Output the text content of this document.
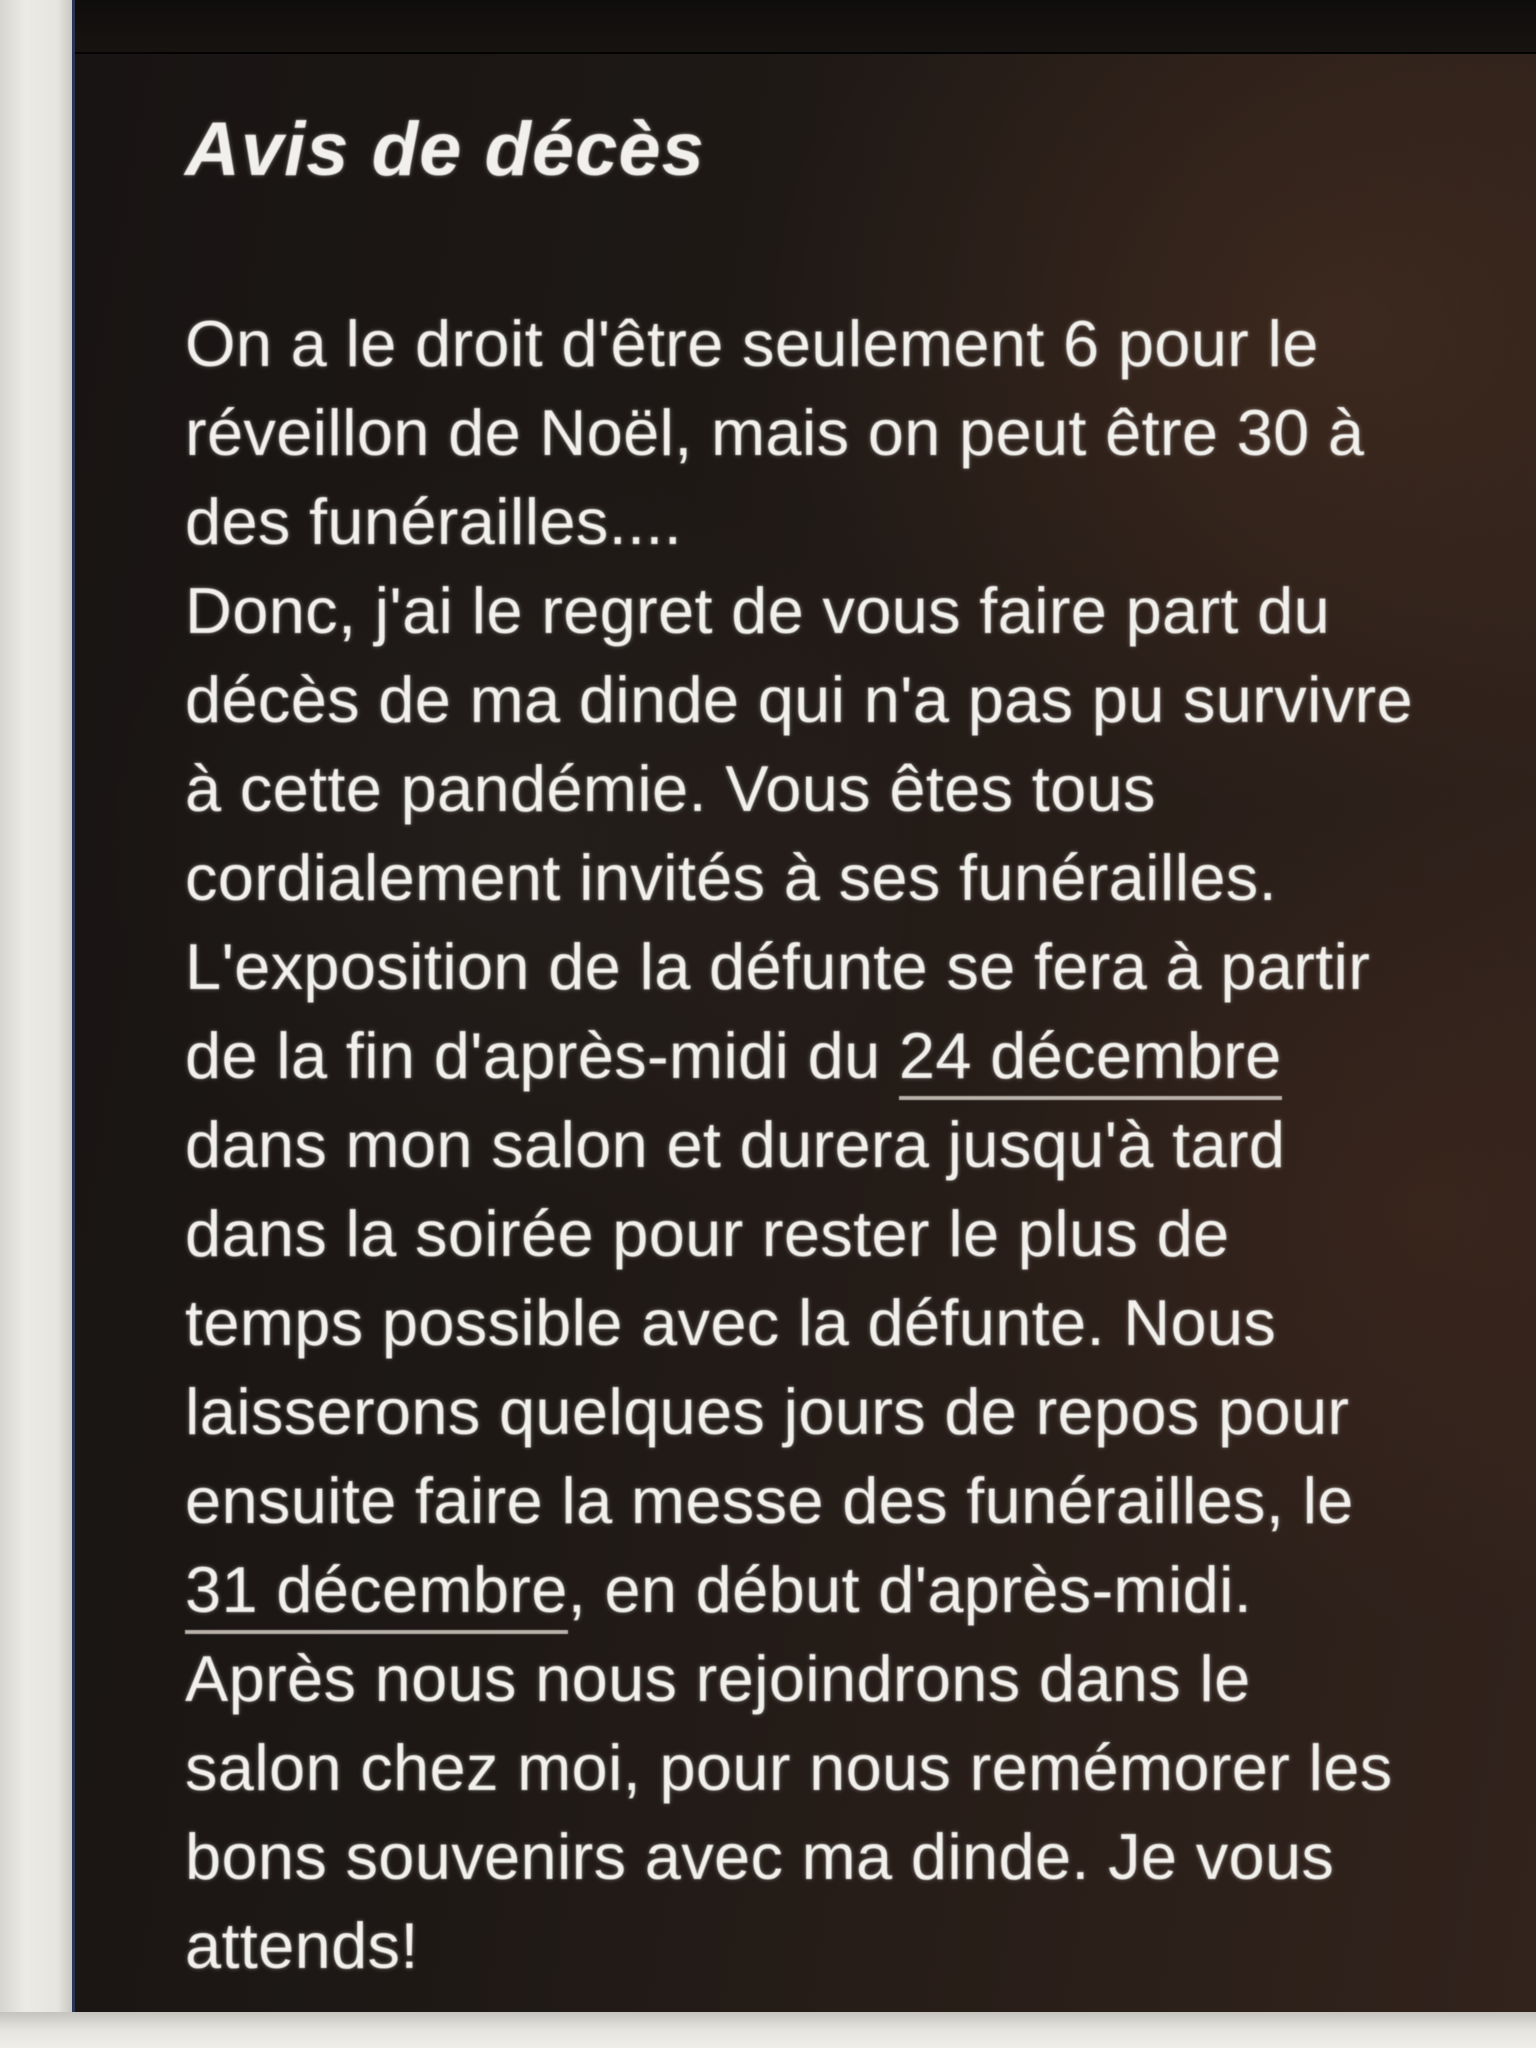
Avis de décès
On a le droit d'être seulement 6 pour le
réveillon de Noël, mais on peut être 30 à
des funérailles....
Donc, j'ai le regret de vous faire part du
décès de ma dinde qui n'a pas pu survivre
à cette pandémie. Vous êtes tous
cordialement invités à ses funérailles.
L'exposition de la défunte se fera à partir
de la fin d'après-midi du 24 décembre
dans mon salon et durera jusqu'à tard
dans la soirée pour rester le plus de
temps possible avec la défunte. Nous
laisserons quelques jours de repos pour
ensuite faire la messe des funérailles, le
31 décembre, en début d'après-midi.
Après nous nous rejoindrons dans le
salon chez moi, pour nous remémorer les
bons souvenirs avec ma dinde. Je vous
attends!
